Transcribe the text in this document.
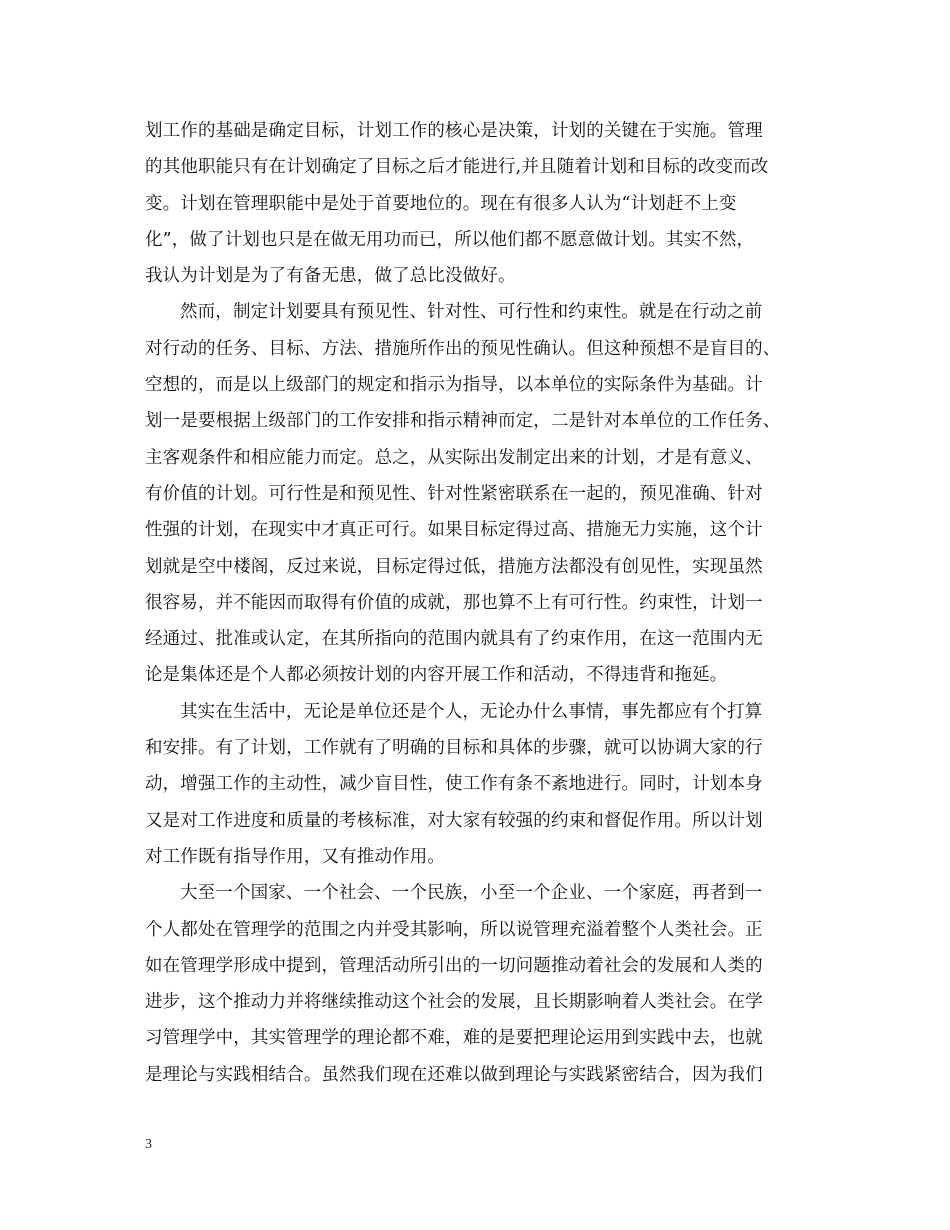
划工作的基础是确定目标，计划工作的核心是决策，计划的关键在于实施。管理
的其他职能只有在计划确定了目标之后才能进行,并且随着计划和目标的改变而改
变。计划在管理职能中是处于首要地位的。现在有很多人认为“计划赶不上变
化”，做了计划也只是在做无用功而已，所以他们都不愿意做计划。其实不然，
我认为计划是为了有备无患，做了总比没做好。
然而，制定计划要具有预见性、针对性、可行性和约束性。就是在行动之前
对行动的任务、目标、方法、措施所作出的预见性确认。但这种预想不是盲目的、
空想的，而是以上级部门的规定和指示为指导，以本单位的实际条件为基础。计
划一是要根据上级部门的工作安排和指示精神而定，二是针对本单位的工作任务、
主客观条件和相应能力而定。总之，从实际出发制定出来的计划，才是有意义、
有价值的计划。可行性是和预见性、针对性紧密联系在一起的，预见准确、针对
性强的计划，在现实中才真正可行。如果目标定得过高、措施无力实施，这个计
划就是空中楼阁，反过来说，目标定得过低，措施方法都没有创见性，实现虽然
很容易，并不能因而取得有价值的成就，那也算不上有可行性。约束性，计划一
经通过、批准或认定，在其所指向的范围内就具有了约束作用，在这一范围内无
论是集体还是个人都必须按计划的内容开展工作和活动，不得违背和拖延。
其实在生活中，无论是单位还是个人，无论办什么事情，事先都应有个打算
和安排。有了计划，工作就有了明确的目标和具体的步骤，就可以协调大家的行
动，增强工作的主动性，减少盲目性，使工作有条不紊地进行。同时，计划本身
又是对工作进度和质量的考核标准，对大家有较强的约束和督促作用。所以计划
对工作既有指导作用，又有推动作用。
大至一个国家、一个社会、一个民族，小至一个企业、一个家庭，再者到一
个人都处在管理学的范围之内并受其影响，所以说管理充溢着整个人类社会。正
如在管理学形成中提到，管理活动所引出的一切问题推动着社会的发展和人类的
进步，这个推动力并将继续推动这个社会的发展，且长期影响着人类社会。在学
习管理学中，其实管理学的理论都不难，难的是要把理论运用到实践中去，也就
是理论与实践相结合。虽然我们现在还难以做到理论与实践紧密结合，因为我们
3
